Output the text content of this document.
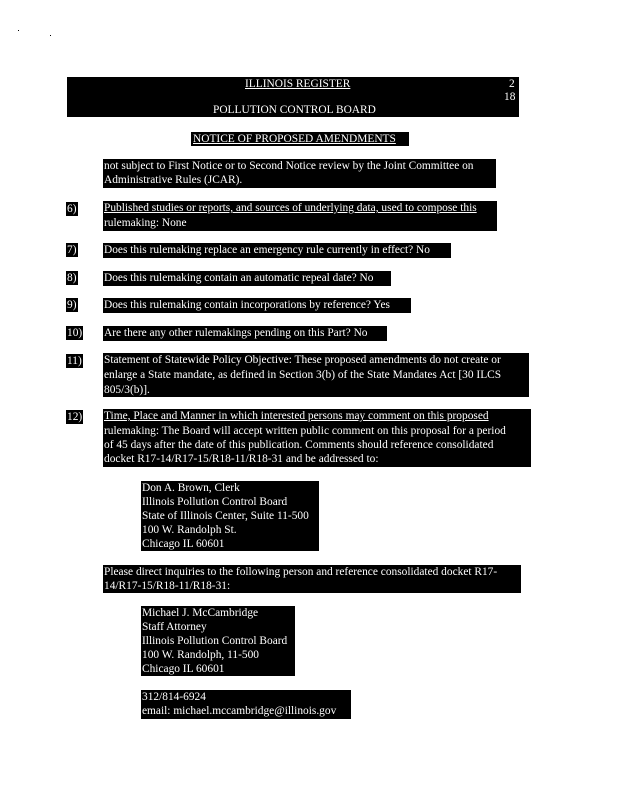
ILLINOIS REGISTER	2
18
POLLUTION CONTROL BOARD
NOTICE OF PROPOSED AMENDMENTS
not subject to First Notice or to Second Notice review by the Joint Committee on
Administrative Rules (JCAR).
6) Published studies or reports, and sources of underlying data, used to compose this
rulemaking: None
7) Does this rulemaking replace an emergency rule currently in effect? No
8) Does this rulemaking contain an automatic repeal date? No
9) Does this rulemaking contain incorporations by reference? Yes
10) Are there any other rulemakings pending on this Part? No
11) Statement of Statewide Policy Objective: These proposed amendments do not create or
enlarge a State mandate, as defined in Section 3(b) of the State Mandates Act [30 ILCS
805/3(b)].
12) Time, Place and Manner in which interested persons may comment on this proposed
rulemaking: The Board will accept written public comment on this proposal for a period
of 45 days after the date of this publication. Comments should reference consolidated
docket R17-14/R17-15/R18-11/R18-31 and be addressed to:
Don A. Brown, Clerk
Illinois Pollution Control Board
State of Illinois Center, Suite 11-500
100 W. Randolph St.
Chicago IL 60601
Please direct inquiries to the following person and reference consolidated docket R17-
14/R17-15/R18-11/R18-31:
Michael J. McCambridge
Staff Attorney
Illinois Pollution Control Board
100 W. Randolph, 11-500
Chicago IL 60601
312/814-6924
email: michael.mccambridge@illinois.gov
